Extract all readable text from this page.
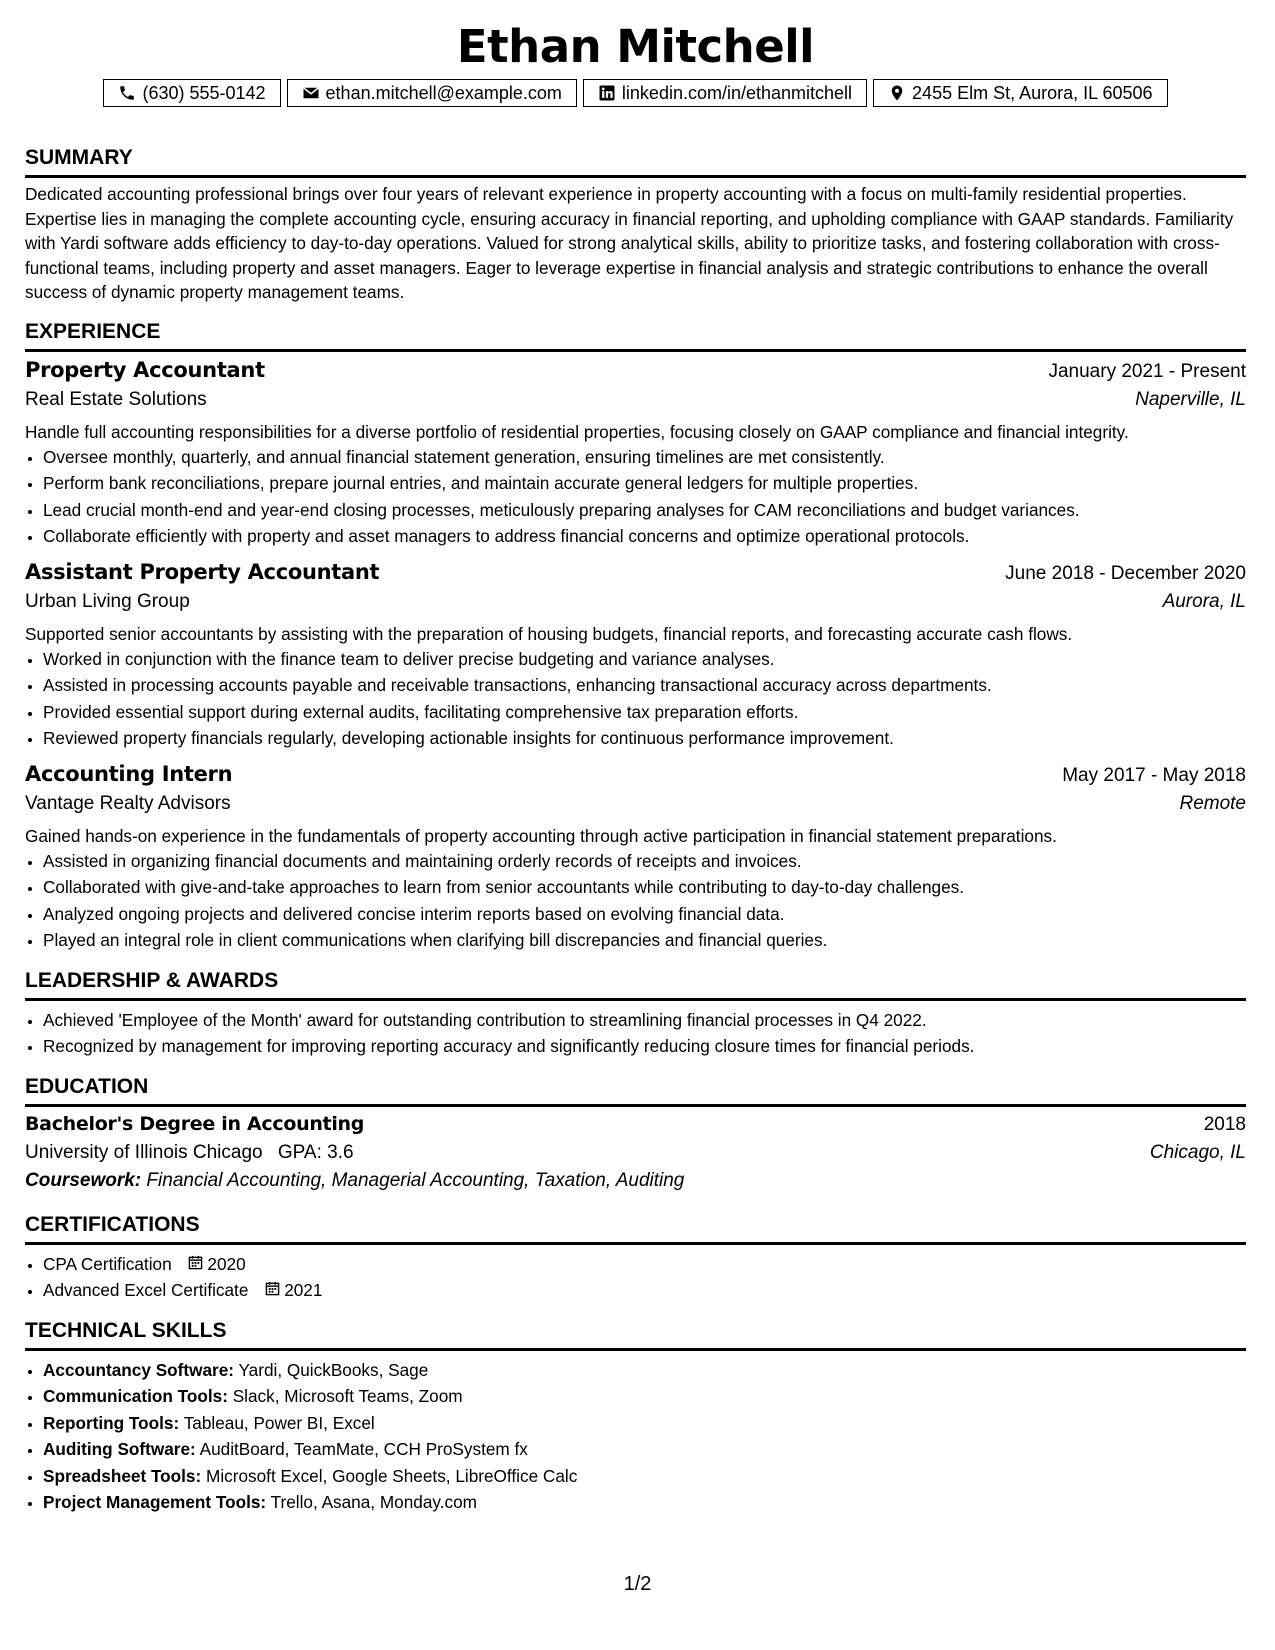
Ethan Mitchell
(630) 555-0142	ethan.mitchell@example.com	linkedin.com/in/ethanmitchell	2455 Elm St, Aurora, IL 60506
SUMMARY
Dedicated accounting professional brings over four years of relevant experience in property accounting with a focus on multi-family residential properties. Expertise lies in managing the complete accounting cycle, ensuring accuracy in financial reporting, and upholding compliance with GAAP standards. Familiarity with Yardi software adds efficiency to day-to-day operations. Valued for strong analytical skills, ability to prioritize tasks, and fostering collaboration with cross-functional teams, including property and asset managers. Eager to leverage expertise in financial analysis and strategic contributions to enhance the overall success of dynamic property management teams.
EXPERIENCE
Property Accountant	January 2021 - Present
Real Estate Solutions	Naperville, IL
Handle full accounting responsibilities for a diverse portfolio of residential properties, focusing closely on GAAP compliance and financial integrity.
• Oversee monthly, quarterly, and annual financial statement generation, ensuring timelines are met consistently.
• Perform bank reconciliations, prepare journal entries, and maintain accurate general ledgers for multiple properties.
• Lead crucial month-end and year-end closing processes, meticulously preparing analyses for CAM reconciliations and budget variances.
• Collaborate efficiently with property and asset managers to address financial concerns and optimize operational protocols.
Assistant Property Accountant	June 2018 - December 2020
Urban Living Group	Aurora, IL
Supported senior accountants by assisting with the preparation of housing budgets, financial reports, and forecasting accurate cash flows.
• Worked in conjunction with the finance team to deliver precise budgeting and variance analyses.
• Assisted in processing accounts payable and receivable transactions, enhancing transactional accuracy across departments.
• Provided essential support during external audits, facilitating comprehensive tax preparation efforts.
• Reviewed property financials regularly, developing actionable insights for continuous performance improvement.
Accounting Intern	May 2017 - May 2018
Vantage Realty Advisors	Remote
Gained hands-on experience in the fundamentals of property accounting through active participation in financial statement preparations.
• Assisted in organizing financial documents and maintaining orderly records of receipts and invoices.
• Collaborated with give-and-take approaches to learn from senior accountants while contributing to day-to-day challenges.
• Analyzed ongoing projects and delivered concise interim reports based on evolving financial data.
• Played an integral role in client communications when clarifying bill discrepancies and financial queries.
LEADERSHIP & AWARDS
• Achieved 'Employee of the Month' award for outstanding contribution to streamlining financial processes in Q4 2022.
• Recognized by management for improving reporting accuracy and significantly reducing closure times for financial periods.
EDUCATION
Bachelor's Degree in Accounting	2018
University of Illinois Chicago GPA: 3.6	Chicago, IL
Coursework: Financial Accounting, Managerial Accounting, Taxation, Auditing
CERTIFICATIONS
• CPA Certification 2020
• Advanced Excel Certificate 2021
TECHNICAL SKILLS
• Accountancy Software: Yardi, QuickBooks, Sage
• Communication Tools: Slack, Microsoft Teams, Zoom
• Reporting Tools: Tableau, Power BI, Excel
• Auditing Software: AuditBoard, TeamMate, CCH ProSystem fx
• Spreadsheet Tools: Microsoft Excel, Google Sheets, LibreOffice Calc
• Project Management Tools: Trello, Asana, Monday.com
1/2
